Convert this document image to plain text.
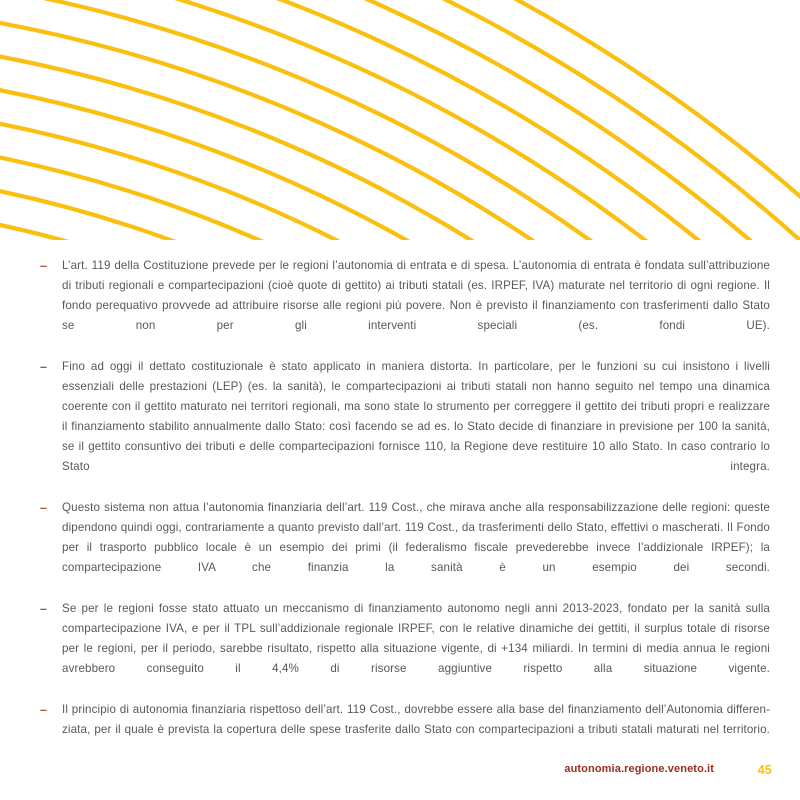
–	L’art. 119 della Costituzione prevede per le regioni l’autonomia di entrata e di spesa. L’autonomia di entrata è fondata sull’attribuzione di tributi regionali e compartecipazioni (cioè quote di gettito) ai tributi statali (es. IRPEF, IVA) maturate nel territorio di ogni regione. Il fondo perequativo provvede ad attribuire risorse alle regioni più povere. Non è previsto il finanziamento con trasferimenti dallo Stato se non per gli interventi speciali (es. fondi UE).

–	Fino ad oggi il dettato costituzionale è stato applicato in maniera distorta. In particolare, per le funzioni su cui insistono i livelli essenziali delle prestazioni (LEP) (es. la sanità), le compartecipazioni ai tributi statali non hanno seguito nel tempo una dinamica coerente con il gettito maturato nei territori regionali, ma sono state lo strumento per correggere il gettito dei tributi propri e realizzare il finanziamento stabilito annualmente dallo Stato: così facendo se ad es. lo Stato decide di finanziare in previsione per 100 la sanità, se il gettito consuntivo dei tributi e delle compartecipazioni fornisce 110, la Regione deve restituire 10 allo Stato. In caso contrario lo Stato integra.

–	Questo sistema non attua l’autonomia finanziaria dell’art. 119 Cost., che mirava anche alla responsabilizzazione delle regioni: queste dipendono quindi oggi, contrariamente a quanto previsto dall’art. 119 Cost., da trasferimenti dello Stato, effettivi o mascherati. Il Fondo per il trasporto pubblico locale è un esempio dei primi (il federalismo fiscale prevederebbe invece l’addizionale IRPEF); la compartecipazione IVA che finanzia la sanità è un esempio dei secondi.

–	Se per le regioni fosse stato attuato un meccanismo di finanziamento autonomo negli anni 2013-2023, fondato per la sanità sulla compartecipazione IVA, e per il TPL sull’addizionale regionale IRPEF, con le relative dinamiche dei gettiti, il surplus totale di risorse per le regioni, per il periodo, sarebbe risultato, rispetto alla situazione vigente, di +134 miliardi. In termini di media annua le regioni avrebbero conseguito il 4,4% di risorse aggiuntive rispetto alla situazione vigente.

–	Il principio di autonomia finanziaria rispettoso dell’art. 119 Cost., dovrebbe essere alla base del finanziamento dell’Autonomia differenziata, per il quale è prevista la copertura delle spese trasferite dallo Stato con compartecipazioni a tributi statali maturati nel territorio.

autonomia.regione.veneto.it	45
